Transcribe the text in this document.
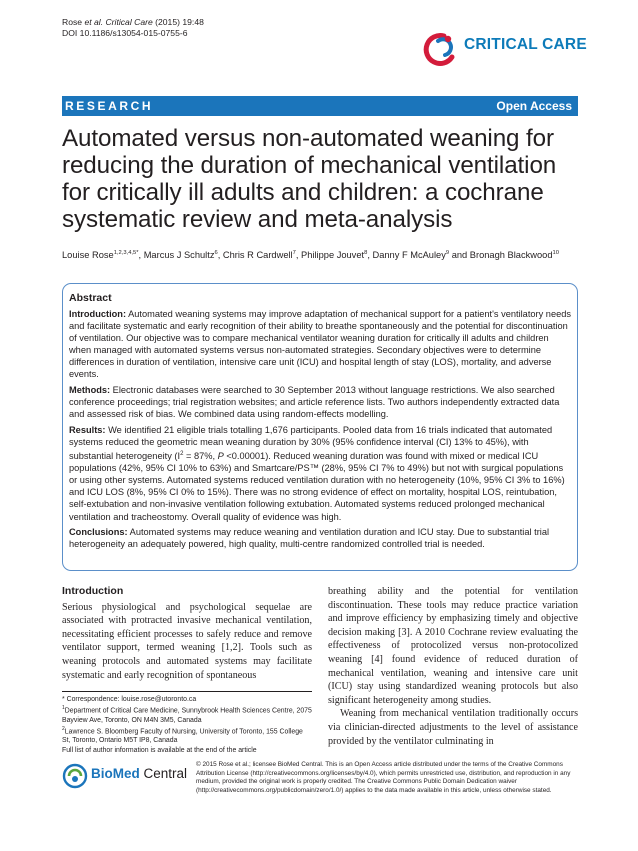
Rose et al. Critical Care (2015) 19:48
DOI 10.1186/s13054-015-0755-6
CRITICAL CARE
RESEARCH	Open Access
Automated versus non-automated weaning for reducing the duration of mechanical ventilation for critically ill adults and children: a cochrane systematic review and meta-analysis
Louise Rose$^{1,2,3,4,5*}$, Marcus J Schultz$^6$, Chris R Cardwell$^7$, Philippe Jouvet$^8$, Danny F McAuley$^9$ and Bronagh Blackwood$^{10}$
Abstract

Introduction: Automated weaning systems may improve adaptation of mechanical support for a patient's ventilatory needs and facilitate systematic and early recognition of their ability to breathe spontaneously and the potential for discontinuation of ventilation. Our objective was to compare mechanical ventilator weaning duration for critically ill adults and children when managed with automated systems versus non-automated strategies. Secondary objectives were to determine differences in duration of ventilation, intensive care unit (ICU) and hospital length of stay (LOS), mortality, and adverse events.

Methods: Electronic databases were searched to 30 September 2013 without language restrictions. We also searched conference proceedings; trial registration websites; and article reference lists. Two authors independently extracted data and assessed risk of bias. We combined data using random-effects modelling.

Results: We identified 21 eligible trials totalling 1,676 participants. Pooled data from 16 trials indicated that automated systems reduced the geometric mean weaning duration by 30% (95% confidence interval (CI) 13% to 45%), with substantial heterogeneity ($I^2 = 87\%$, P <0.00001). Reduced weaning duration was found with mixed or medical ICU populations (42%, 95% CI 10% to 63%) and Smartcare/PS™ (28%, 95% CI 7% to 49%) but not with surgical populations or using other systems. Automated systems reduced ventilation duration with no heterogeneity (10%, 95% CI 3% to 16%) and ICU LOS (8%, 95% CI 0% to 15%). There was no strong evidence of effect on mortality, hospital LOS, reintubation, self-extubation and non-invasive ventilation following extubation. Automated systems reduced prolonged mechanical ventilation and tracheostomy. Overall quality of evidence was high.

Conclusions: Automated systems may reduce weaning and ventilation duration and ICU stay. Due to substantial trial heterogeneity an adequately powered, high quality, multi-centre randomized controlled trial is needed.

Introduction

Serious physiological and psychological sequelae are associated with protracted invasive mechanical ventilation, necessitating efficient processes to safely reduce and remove ventilator support, termed weaning [1,2]. Tools such as weaning protocols and automated systems may facilitate systematic and early recognition of spontaneous

breathing ability and the potential for ventilation discontinuation. These tools may reduce practice variation and improve efficiency by emphasizing timely and objective decision making [3]. A 2010 Cochrane review evaluating the effectiveness of protocolized versus non-protocolized weaning [4] found evidence of reduced duration of mechanical ventilation, weaning and intensive care unit (ICU) stay using standardized weaning protocols but also significant heterogeneity among studies.

Weaning from mechanical ventilation traditionally occurs via clinician-directed adjustments to the level of assistance provided by the ventilator culminating in

* Correspondence: louise.rose@utoronto.ca
$^1$Department of Critical Care Medicine, Sunnybrook Health Sciences Centre, 2075 Bayview Ave, Toronto, ON M4N 3M5, Canada
$^2$Lawrence S. Bloomberg Faculty of Nursing, University of Toronto, 155 College St, Toronto, Ontario M5T IP8, Canada
Full list of author information is available at the end of the article
BioMed Central
© 2015 Rose et al.; licensee BioMed Central. This is an Open Access article distributed under the terms of the Creative Commons Attribution License (http://creativecommons.org/licenses/by/4.0), which permits unrestricted use, distribution, and reproduction in any medium, provided the original work is properly credited. The Creative Commons Public Domain Dedication waiver (http://creativecommons.org/publicdomain/zero/1.0/) applies to the data made available in this article, unless otherwise stated.
